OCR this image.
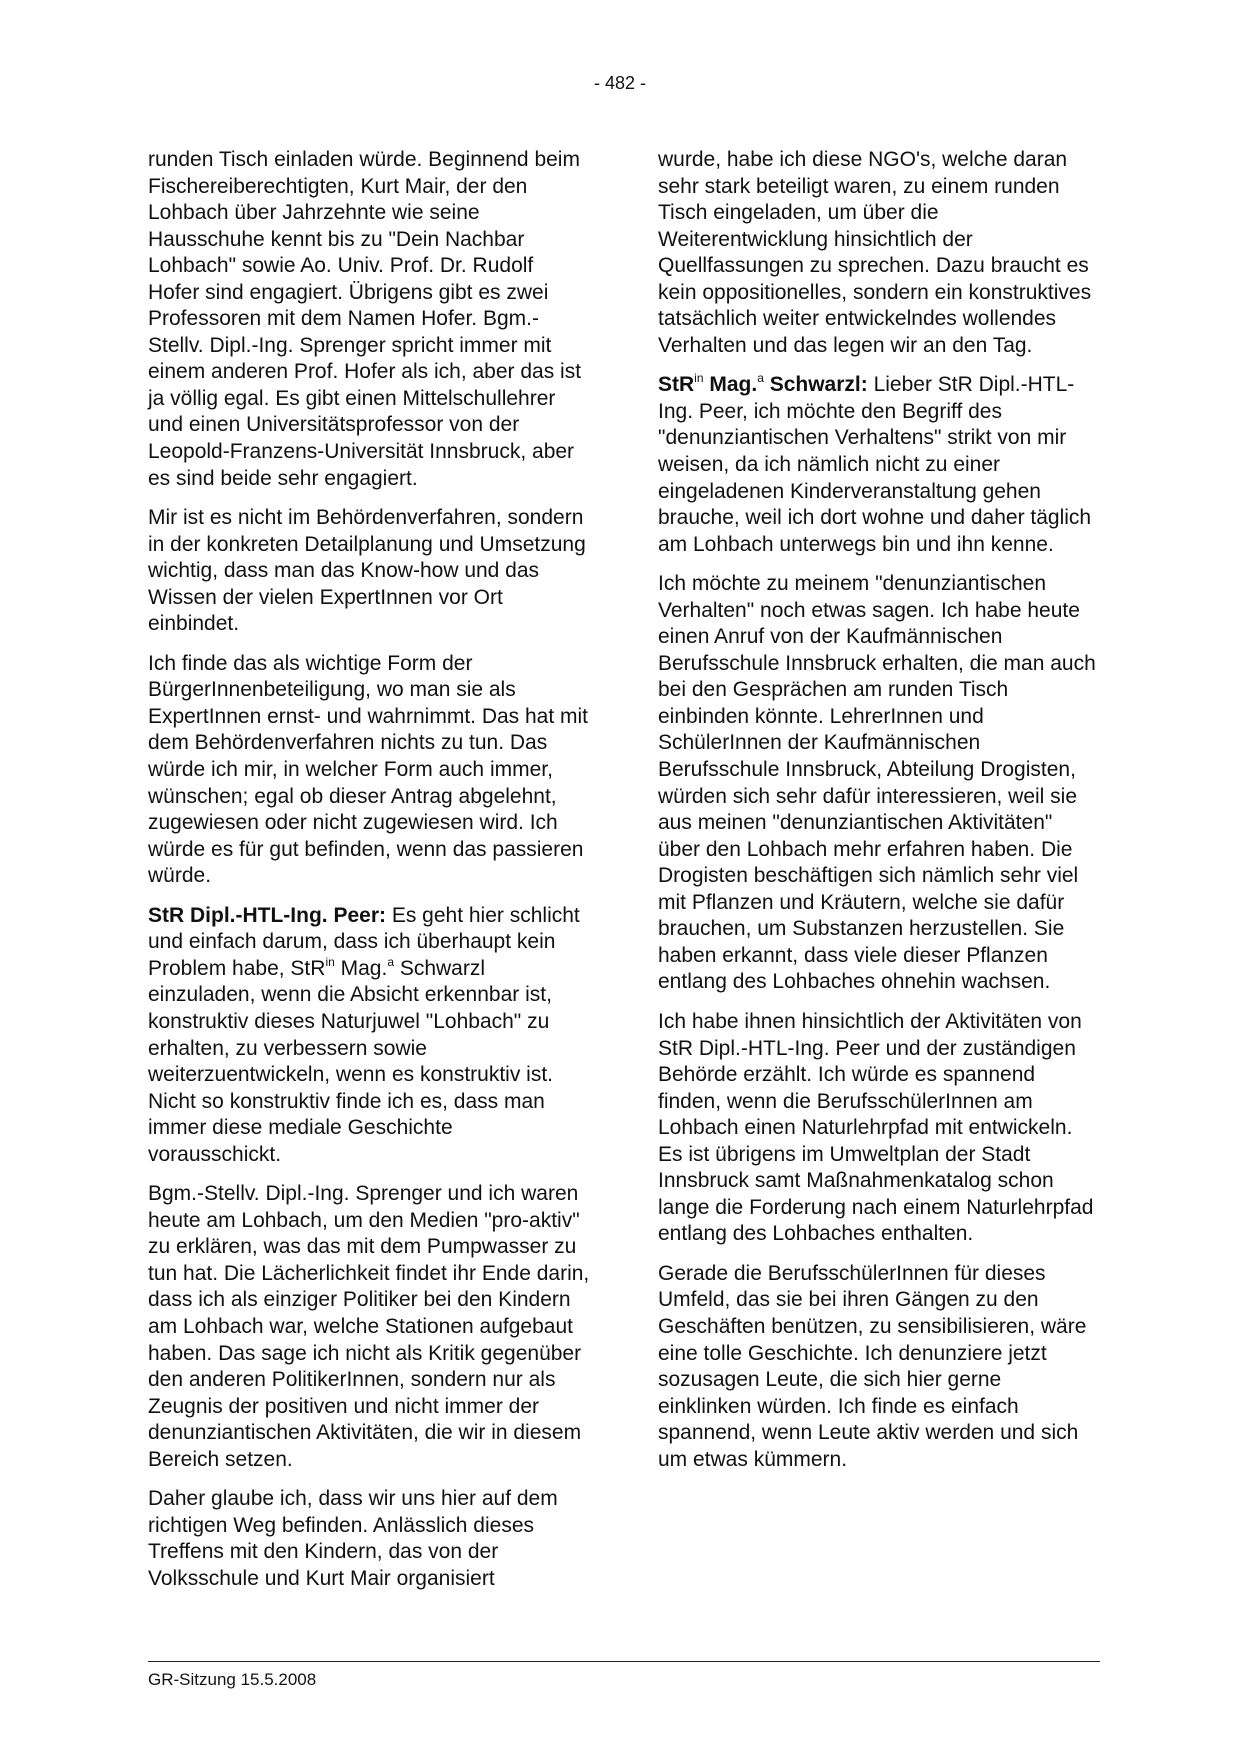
- 482 -

runden Tisch einladen würde. Beginnend beim Fischereiberechtigten, Kurt Mair, der den Lohbach über Jahrzehnte wie seine Hausschuhe kennt bis zu "Dein Nachbar Lohbach" sowie Ao. Univ. Prof. Dr. Rudolf Hofer sind engagiert. Übrigens gibt es zwei Professoren mit dem Namen Hofer. Bgm.-Stellv. Dipl.-Ing. Sprenger spricht immer mit einem anderen Prof. Hofer als ich, aber das ist ja völlig egal. Es gibt einen Mittelschullehrer und einen Universitätsprofessor von der Leopold-Franzens-Universität Innsbruck, aber es sind beide sehr engagiert.

Mir ist es nicht im Behördenverfahren, sondern in der konkreten Detailplanung und Umsetzung wichtig, dass man das Know-how und das Wissen der vielen ExpertInnen vor Ort einbindet.

Ich finde das als wichtige Form der BürgerInnenbeteiligung, wo man sie als ExpertInnen ernst- und wahrnimmt. Das hat mit dem Behördenverfahren nichts zu tun. Das würde ich mir, in welcher Form auch immer, wünschen; egal ob dieser Antrag abgelehnt, zugewiesen oder nicht zugewiesen wird. Ich würde es für gut befinden, wenn das passieren würde.

StR Dipl.-HTL-Ing. Peer: Es geht hier schlicht und einfach darum, dass ich überhaupt kein Problem habe, StR$^{in}$ Mag.$^a$ Schwarzl einzuladen, wenn die Absicht erkennbar ist, konstruktiv dieses Naturjuwel "Lohbach" zu erhalten, zu verbessern sowie weiterzuentwickeln, wenn es konstruktiv ist. Nicht so konstruktiv finde ich es, dass man immer diese mediale Geschichte vorausschickt.

Bgm.-Stellv. Dipl.-Ing. Sprenger und ich waren heute am Lohbach, um den Medien "pro-aktiv" zu erklären, was das mit dem Pumpwasser zu tun hat. Die Lächerlichkeit findet ihr Ende darin, dass ich als einziger Politiker bei den Kindern am Lohbach war, welche Stationen aufgebaut haben. Das sage ich nicht als Kritik gegenüber den anderen PolitikerInnen, sondern nur als Zeugnis der positiven und nicht immer der denunziantischen Aktivitäten, die wir in diesem Bereich setzen.

Daher glaube ich, dass wir uns hier auf dem richtigen Weg befinden. Anlässlich dieses Treffens mit den Kindern, das von der Volksschule und Kurt Mair organisiert

wurde, habe ich diese NGO's, welche daran sehr stark beteiligt waren, zu einem runden Tisch eingeladen, um über die Weiterentwicklung hinsichtlich der Quellfassungen zu sprechen. Dazu braucht es kein oppositionelles, sondern ein konstruktives tatsächlich weiter entwickelndes wollendes Verhalten und das legen wir an den Tag.

StR$^{in}$ Mag.$^a$ Schwarzl: Lieber StR Dipl.-HTL-Ing. Peer, ich möchte den Begriff des "denunziantischen Verhaltens" strikt von mir weisen, da ich nämlich nicht zu einer eingeladenen Kinderveranstaltung gehen brauche, weil ich dort wohne und daher täglich am Lohbach unterwegs bin und ihn kenne.

Ich möchte zu meinem "denunziantischen Verhalten" noch etwas sagen. Ich habe heute einen Anruf von der Kaufmännischen Berufsschule Innsbruck erhalten, die man auch bei den Gesprächen am runden Tisch einbinden könnte. LehrerInnen und SchülerInnen der Kaufmännischen Berufsschule Innsbruck, Abteilung Drogisten, würden sich sehr dafür interessieren, weil sie aus meinen "denunziantischen Aktivitäten" über den Lohbach mehr erfahren haben. Die Drogisten beschäftigen sich nämlich sehr viel mit Pflanzen und Kräutern, welche sie dafür brauchen, um Substanzen herzustellen. Sie haben erkannt, dass viele dieser Pflanzen entlang des Lohbaches ohnehin wachsen.

Ich habe ihnen hinsichtlich der Aktivitäten von StR Dipl.-HTL-Ing. Peer und der zuständigen Behörde erzählt. Ich würde es spannend finden, wenn die BerufsschülerInnen am Lohbach einen Naturlehrpfad mit entwickeln. Es ist übrigens im Umweltplan der Stadt Innsbruck samt Maßnahmenkatalog schon lange die Forderung nach einem Naturlehrpfad entlang des Lohbaches enthalten.

Gerade die BerufsschülerInnen für dieses Umfeld, das sie bei ihren Gängen zu den Geschäften benützen, zu sensibilisieren, wäre eine tolle Geschichte. Ich denunziere jetzt sozusagen Leute, die sich hier gerne einklinken würden. Ich finde es einfach spannend, wenn Leute aktiv werden und sich um etwas kümmern.

GR-Sitzung 15.5.2008
